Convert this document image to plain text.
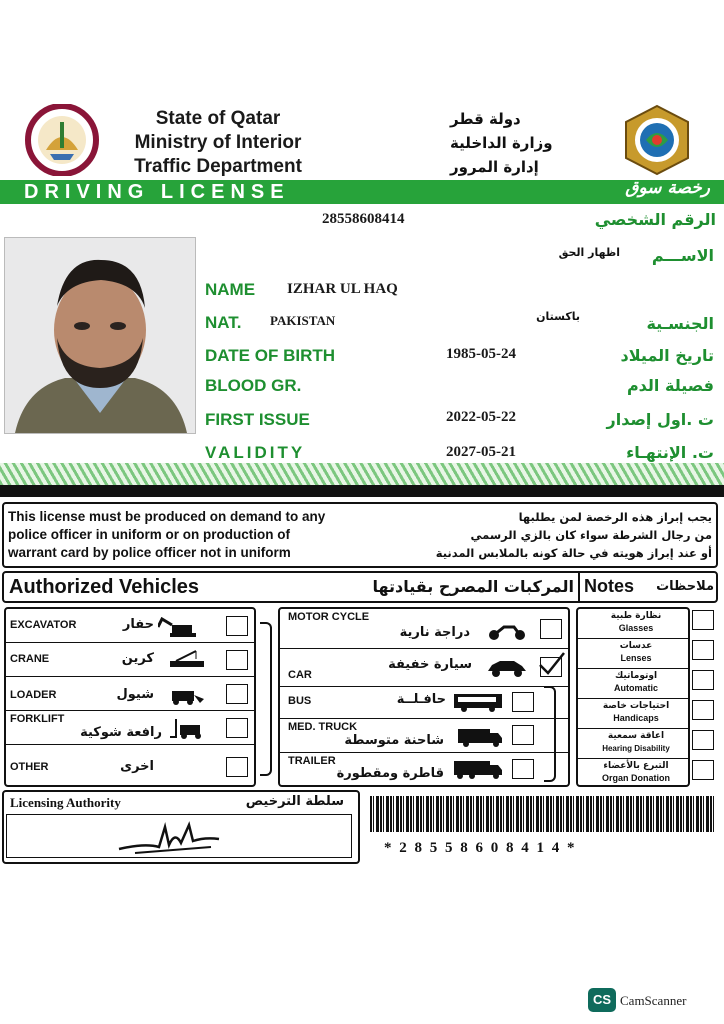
State of Qatar
Ministry of Interior
Traffic Department
دولة قطر
وزارة الداخلية
إدارة المرور
DRIVING LICENSE	رخصة سوق
28558608414	الرقم الشخصي
NAME IZHAR UL HAQ
اظهار الحق	الاســـم
NAT. PAKISTAN	باكستان	الجنسـية
DATE OF BIRTH	1985-05-24	تاريخ الميلاد
BLOOD GR.	فصيلة الدم
FIRST ISSUE	2022-05-22	ت .اول إصدار
VALIDITY	2027-05-21	ت. الإنتهـاء
This license must be produced on demand to any
police officer in uniform or on production of
warrant card by police officer not in uniform
يجب إبراز هذه الرخصة لمن يطلبها
من رجال الشرطة سواء كان بالزي الرسمي
أو عند إبراز هويته في حالة كونه بالملابس المدنية
Authorized Vehicles	المركبات المصرح بقيادتها Notes	ملاحظات
EXCAVATOR	حفار
CRANE	كرين
LOADER	شيول
FORKLIFT
رافعة شوكية
OTHER	اخرى
MOTOR CYCLE
دراجة نارية
CAR
سيارة خفيفة
BUS	حافـلــة
MED. TRUCK
شاحنة متوسطة
TRAILER
قاطرة ومقطورة
نظارة طبية
Glasses
عدسات
Lenses
اوتوماتيك
Automatic
احتياجات خاصة
Handicaps
اعاقة سمعية
Hearing Disability
التبرع بالأعضاء
Organ Donation
Licensing Authority	سلطة الترخيص
* 2 8 5 5 8 6 0 8 4 1 4 *
CS CamScanner
